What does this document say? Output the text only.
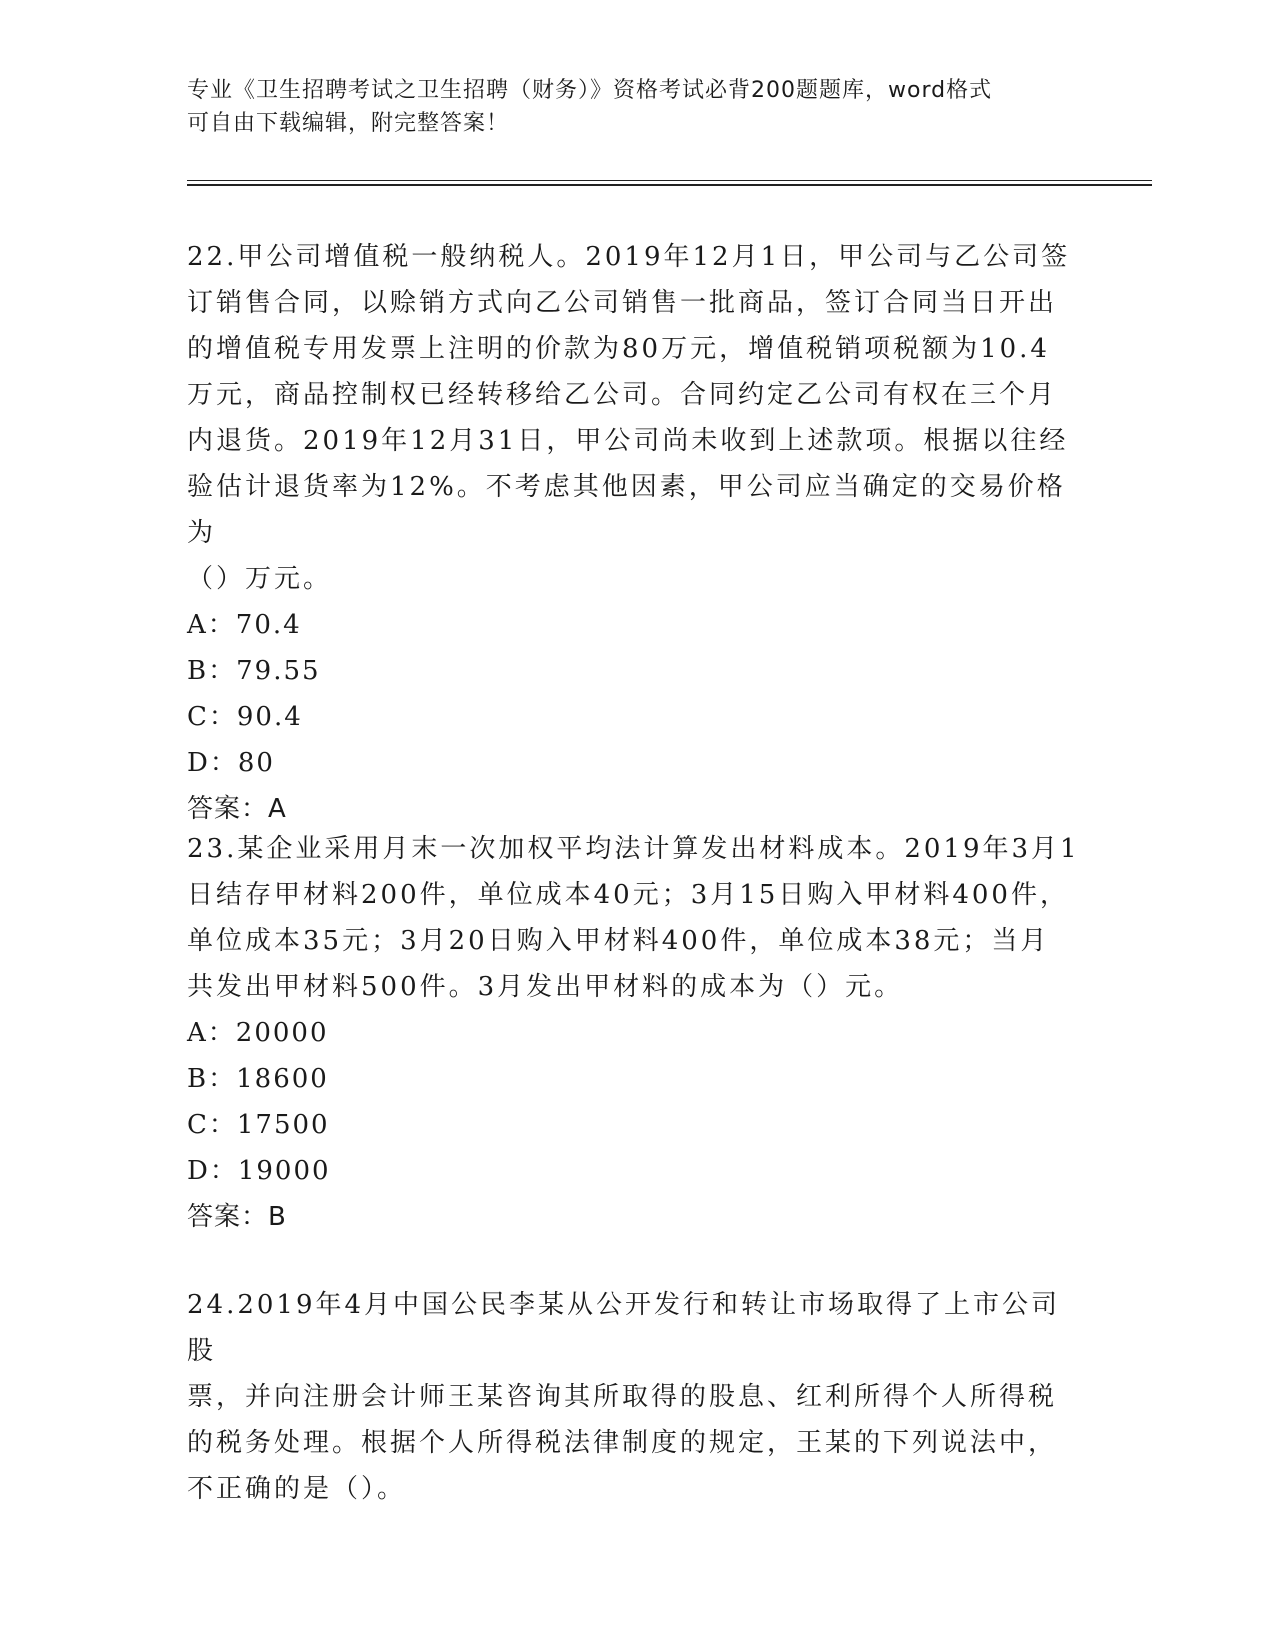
专业《卫生招聘考试之卫生招聘（财务）》资格考试必背200题题库，word格式
可自由下载编辑，附完整答案！

22.甲公司增值税一般纳税人。2019年12月1日，甲公司与乙公司签

订销售合同，以赊销方式向乙公司销售一批商品，签订合同当日开出

的增值税专用发票上注明的价款为80万元，增值税销项税额为10.4

万元，商品控制权已经转移给乙公司。合同约定乙公司有权在三个月

内退货。2019年12月31日，甲公司尚未收到上述款项。根据以往经

验估计退货率为12%。不考虑其他因素，甲公司应当确定的交易价格为

（）万元。

A：70.4

B：79.55

C：90.4

D：80

答案：A

23.某企业采用月末一次加权平均法计算发出材料成本。2019年3月1

日结存甲材料200件，单位成本40元；3月15日购入甲材料400件，

单位成本35元；3月20日购入甲材料400件，单位成本38元；当月

共发出甲材料500件。3月发出甲材料的成本为（）元。

A：20000

B：18600

C：17500

D：19000

答案：B

24.2019年4月中国公民李某从公开发行和转让市场取得了上市公司股

票，并向注册会计师王某咨询其所取得的股息、红利所得个人所得税

的税务处理。根据个人所得税法律制度的规定，王某的下列说法中，

不正确的是（）。
